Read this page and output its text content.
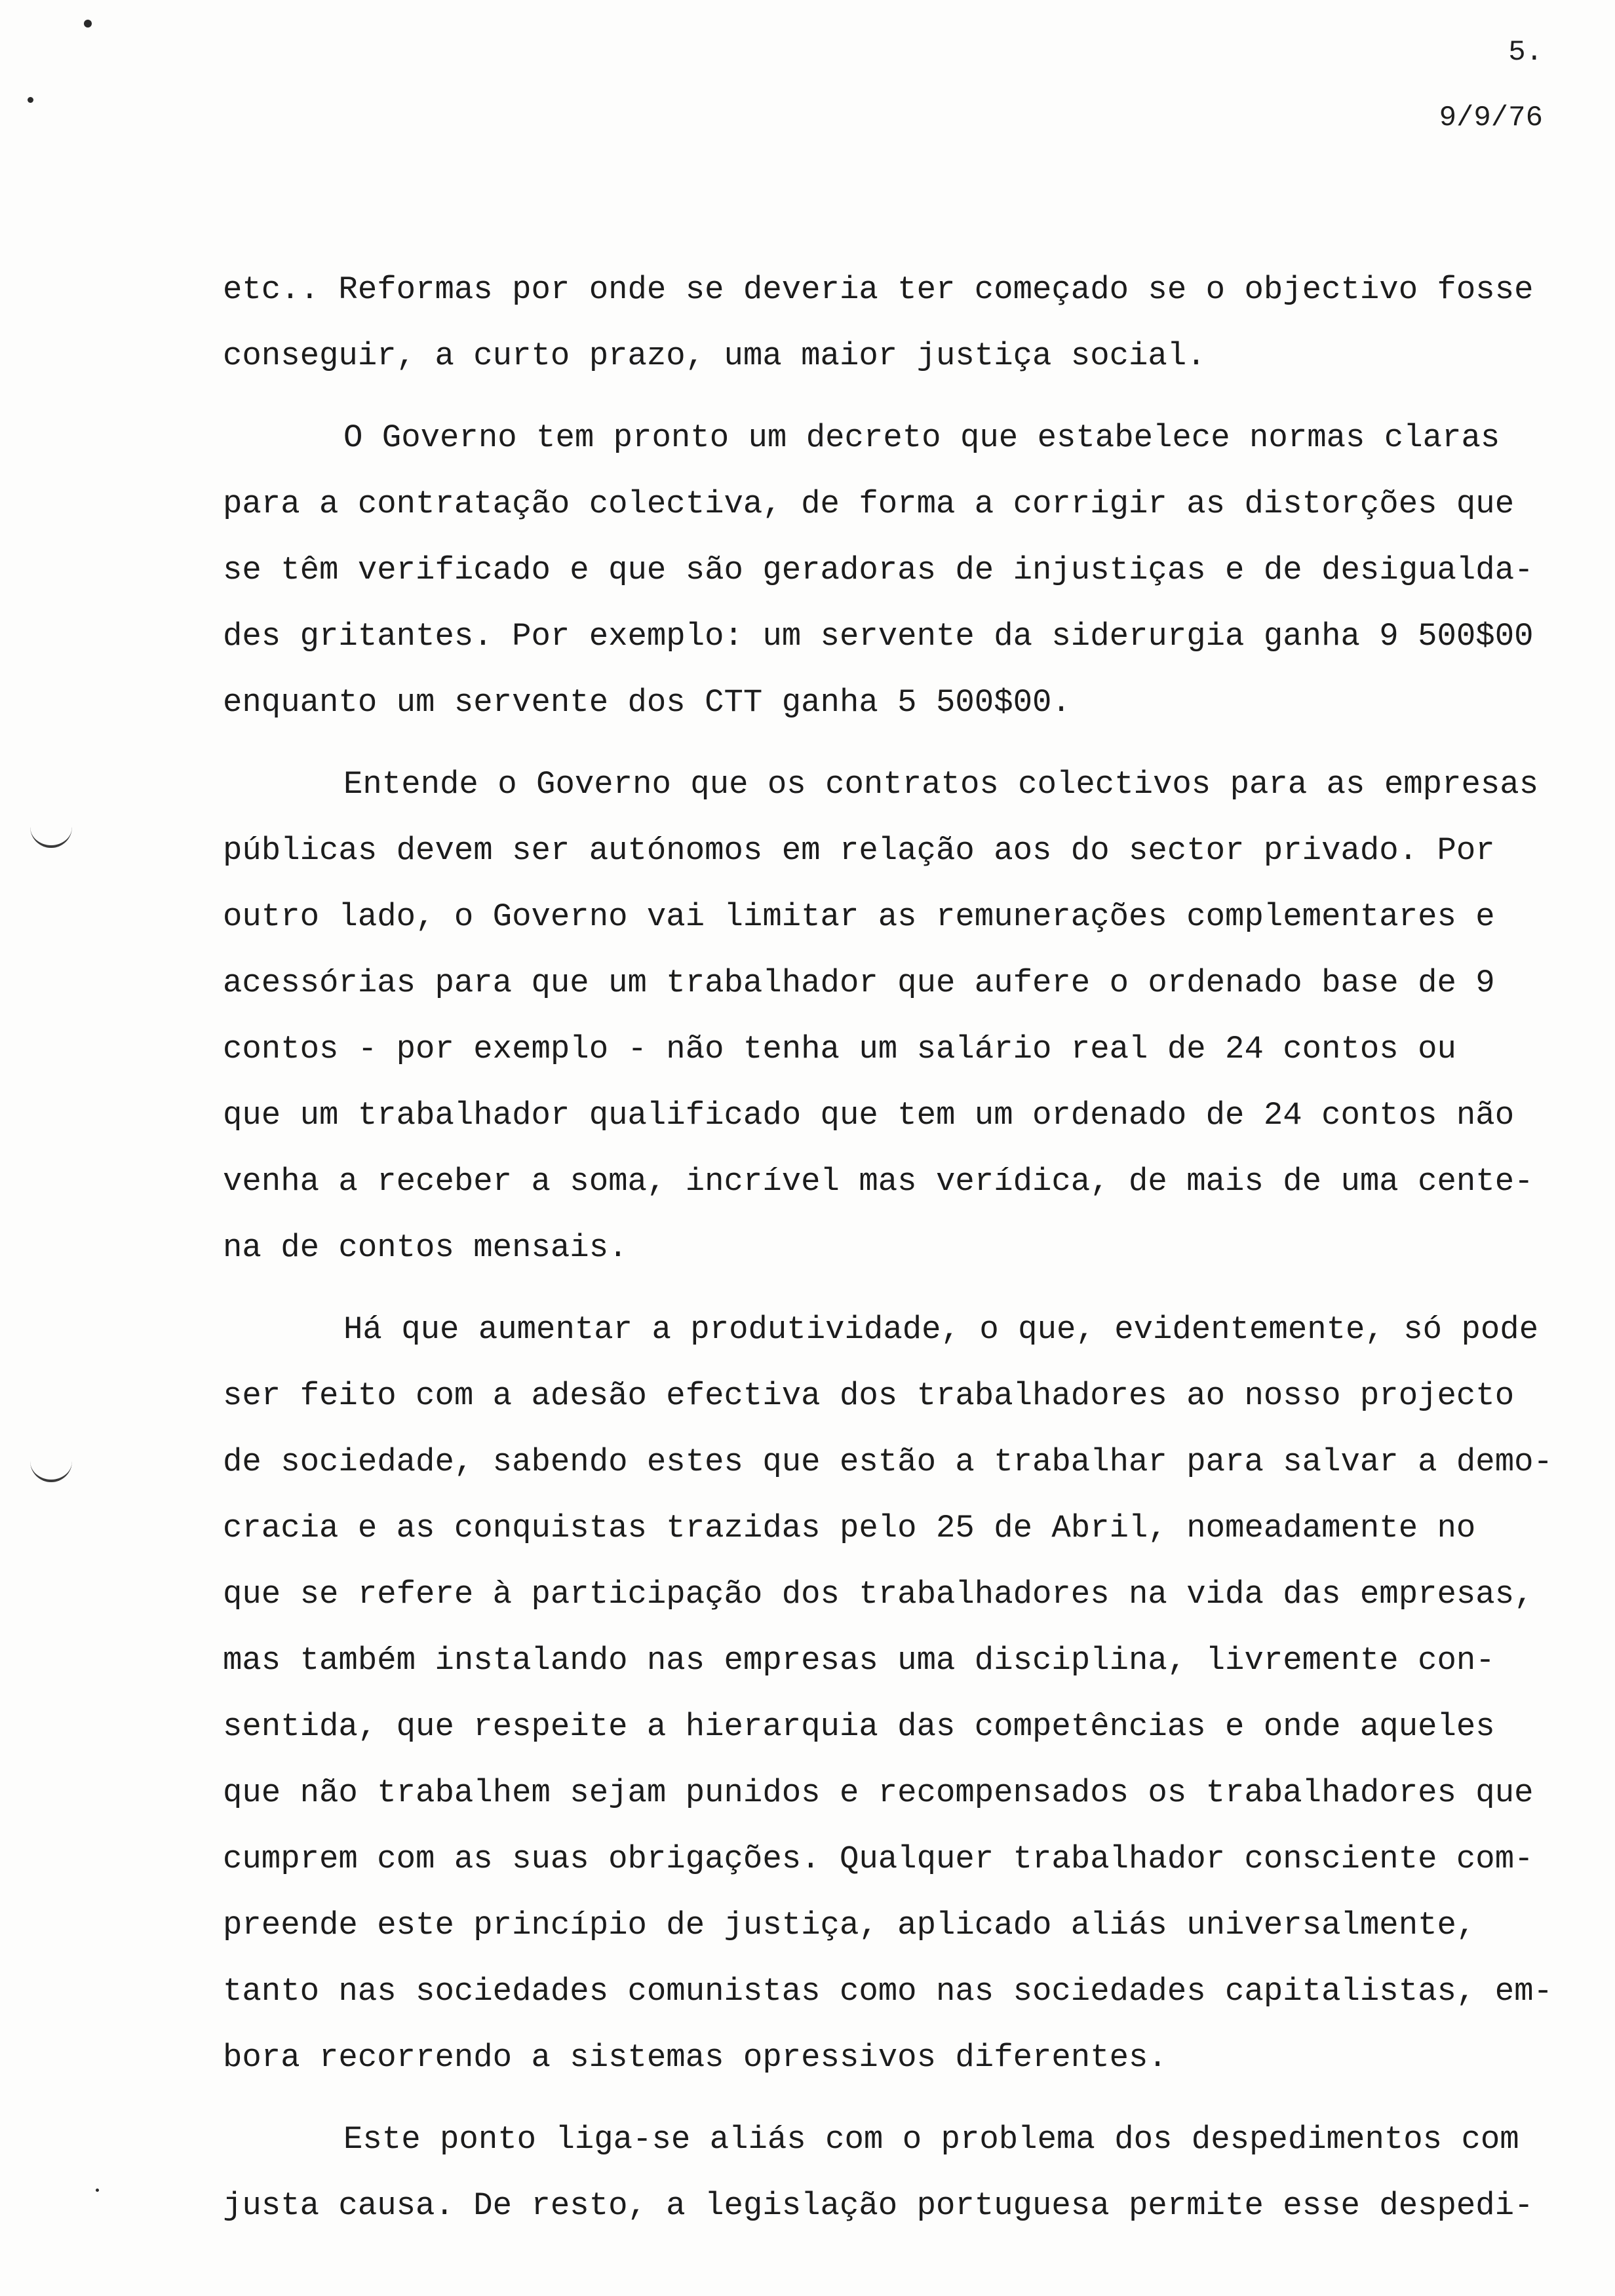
5.
9/9/76
etc.. Reformas por onde se deveria ter começado se o objectivo fosse
conseguir, a curto prazo, uma maior justiça social.
O Governo tem pronto um decreto que estabelece normas claras
para a contratação colectiva, de forma a corrigir as distorções que
se têm verificado e que são geradoras de injustiças e de desigualda-
des gritantes. Por exemplo: um servente da siderurgia ganha 9 500$00
enquanto um servente dos CTT ganha 5 500$00.
Entende o Governo que os contratos colectivos para as empresas
públicas devem ser autónomos em relação aos do sector privado. Por
outro lado, o Governo vai limitar as remunerações complementares e
acessórias para que um trabalhador que aufere o ordenado base de 9
contos - por exemplo - não tenha um salário real de 24 contos ou
que um trabalhador qualificado que tem um ordenado de 24 contos não
venha a receber a soma, incrível mas verídica, de mais de uma cente-
na de contos mensais.
Há que aumentar a produtividade, o que, evidentemente, só pode
ser feito com a adesão efectiva dos trabalhadores ao nosso projecto
de sociedade, sabendo estes que estão a trabalhar para salvar a demo-
cracia e as conquistas trazidas pelo 25 de Abril, nomeadamente no
que se refere à participação dos trabalhadores na vida das empresas,
mas também instalando nas empresas uma disciplina, livremente con-
sentida, que respeite a hierarquia das competências e onde aqueles
que não trabalhem sejam punidos e recompensados os trabalhadores que
cumprem com as suas obrigações. Qualquer trabalhador consciente com-
preende este princípio de justiça, aplicado aliás universalmente,
tanto nas sociedades comunistas como nas sociedades capitalistas, em-
bora recorrendo a sistemas opressivos diferentes.
Este ponto liga-se aliás com o problema dos despedimentos com
justa causa. De resto, a legislação portuguesa permite esse despedi-
